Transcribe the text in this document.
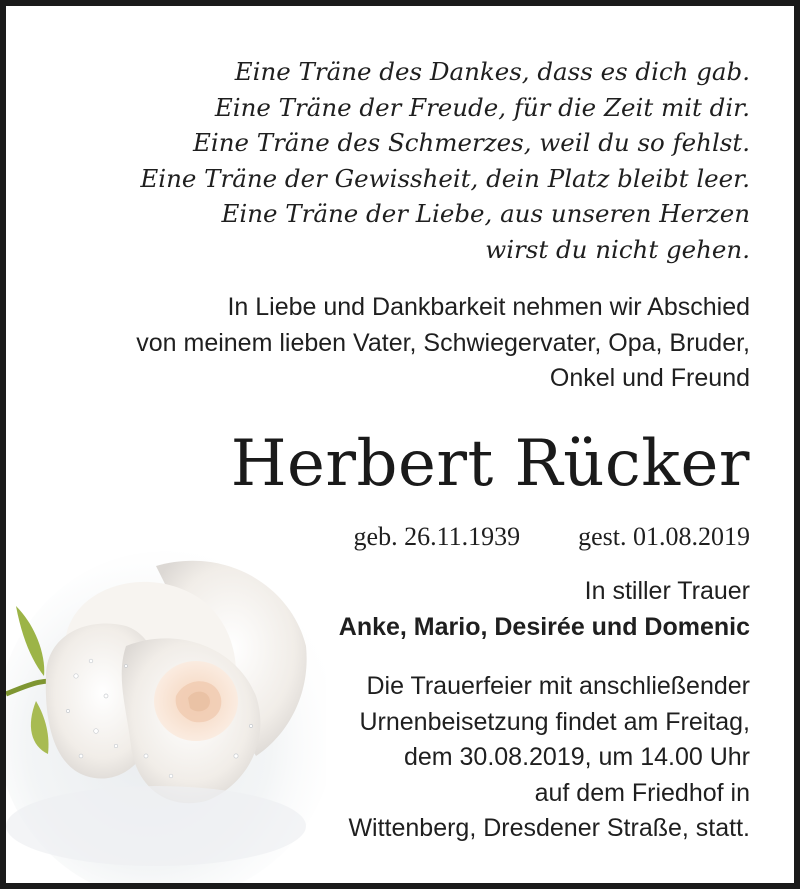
Eine Träne des Dankes, dass es dich gab.
Eine Träne der Freude, für die Zeit mit dir.
Eine Träne des Schmerzes, weil du so fehlst.
Eine Träne der Gewissheit, dein Platz bleibt leer.
Eine Träne der Liebe, aus unseren Herzen
wirst du nicht gehen.
In Liebe und Dankbarkeit nehmen wir Abschied
von meinem lieben Vater, Schwiegervater, Opa, Bruder,
Onkel und Freund
Herbert Rücker
geb. 26.11.1939 gest. 01.08.2019
In stiller Trauer
Anke, Mario, Desirée und Domenic
Die Trauerfeier mit anschließender
Urnenbeisetzung findet am Freitag,
dem 30.08.2019, um 14.00 Uhr
auf dem Friedhof in
Wittenberg, Dresdener Straße, statt.
